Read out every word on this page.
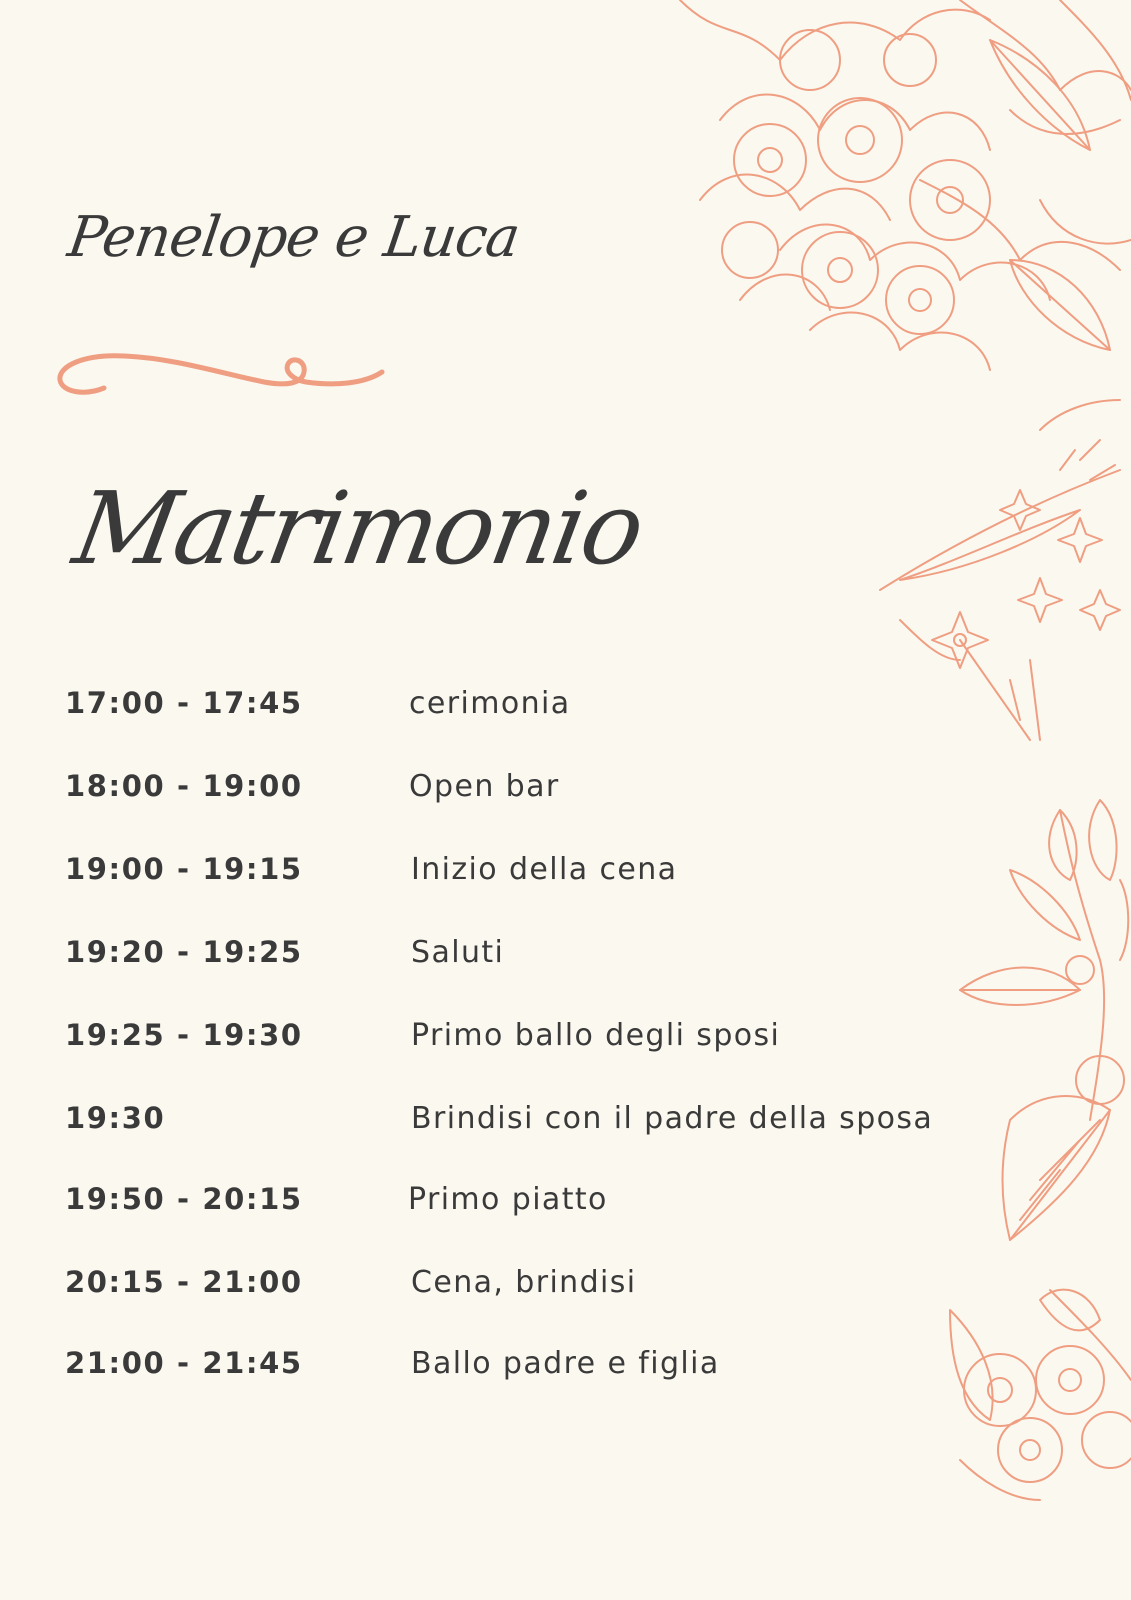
Penelope e Luca
Matrimonio
17:00 - 17:45	cerimonia
18:00 - 19:00	Open bar
19:00 - 19:15	Inizio della cena
19:20 - 19:25	Saluti
19:25 - 19:30	Primo ballo degli sposi
19:30	Brindisi con il padre della sposa
19:50 - 20:15	Primo piatto
20:15 - 21:00	Cena, brindisi
21:00 - 21:45	Ballo padre e figlia
